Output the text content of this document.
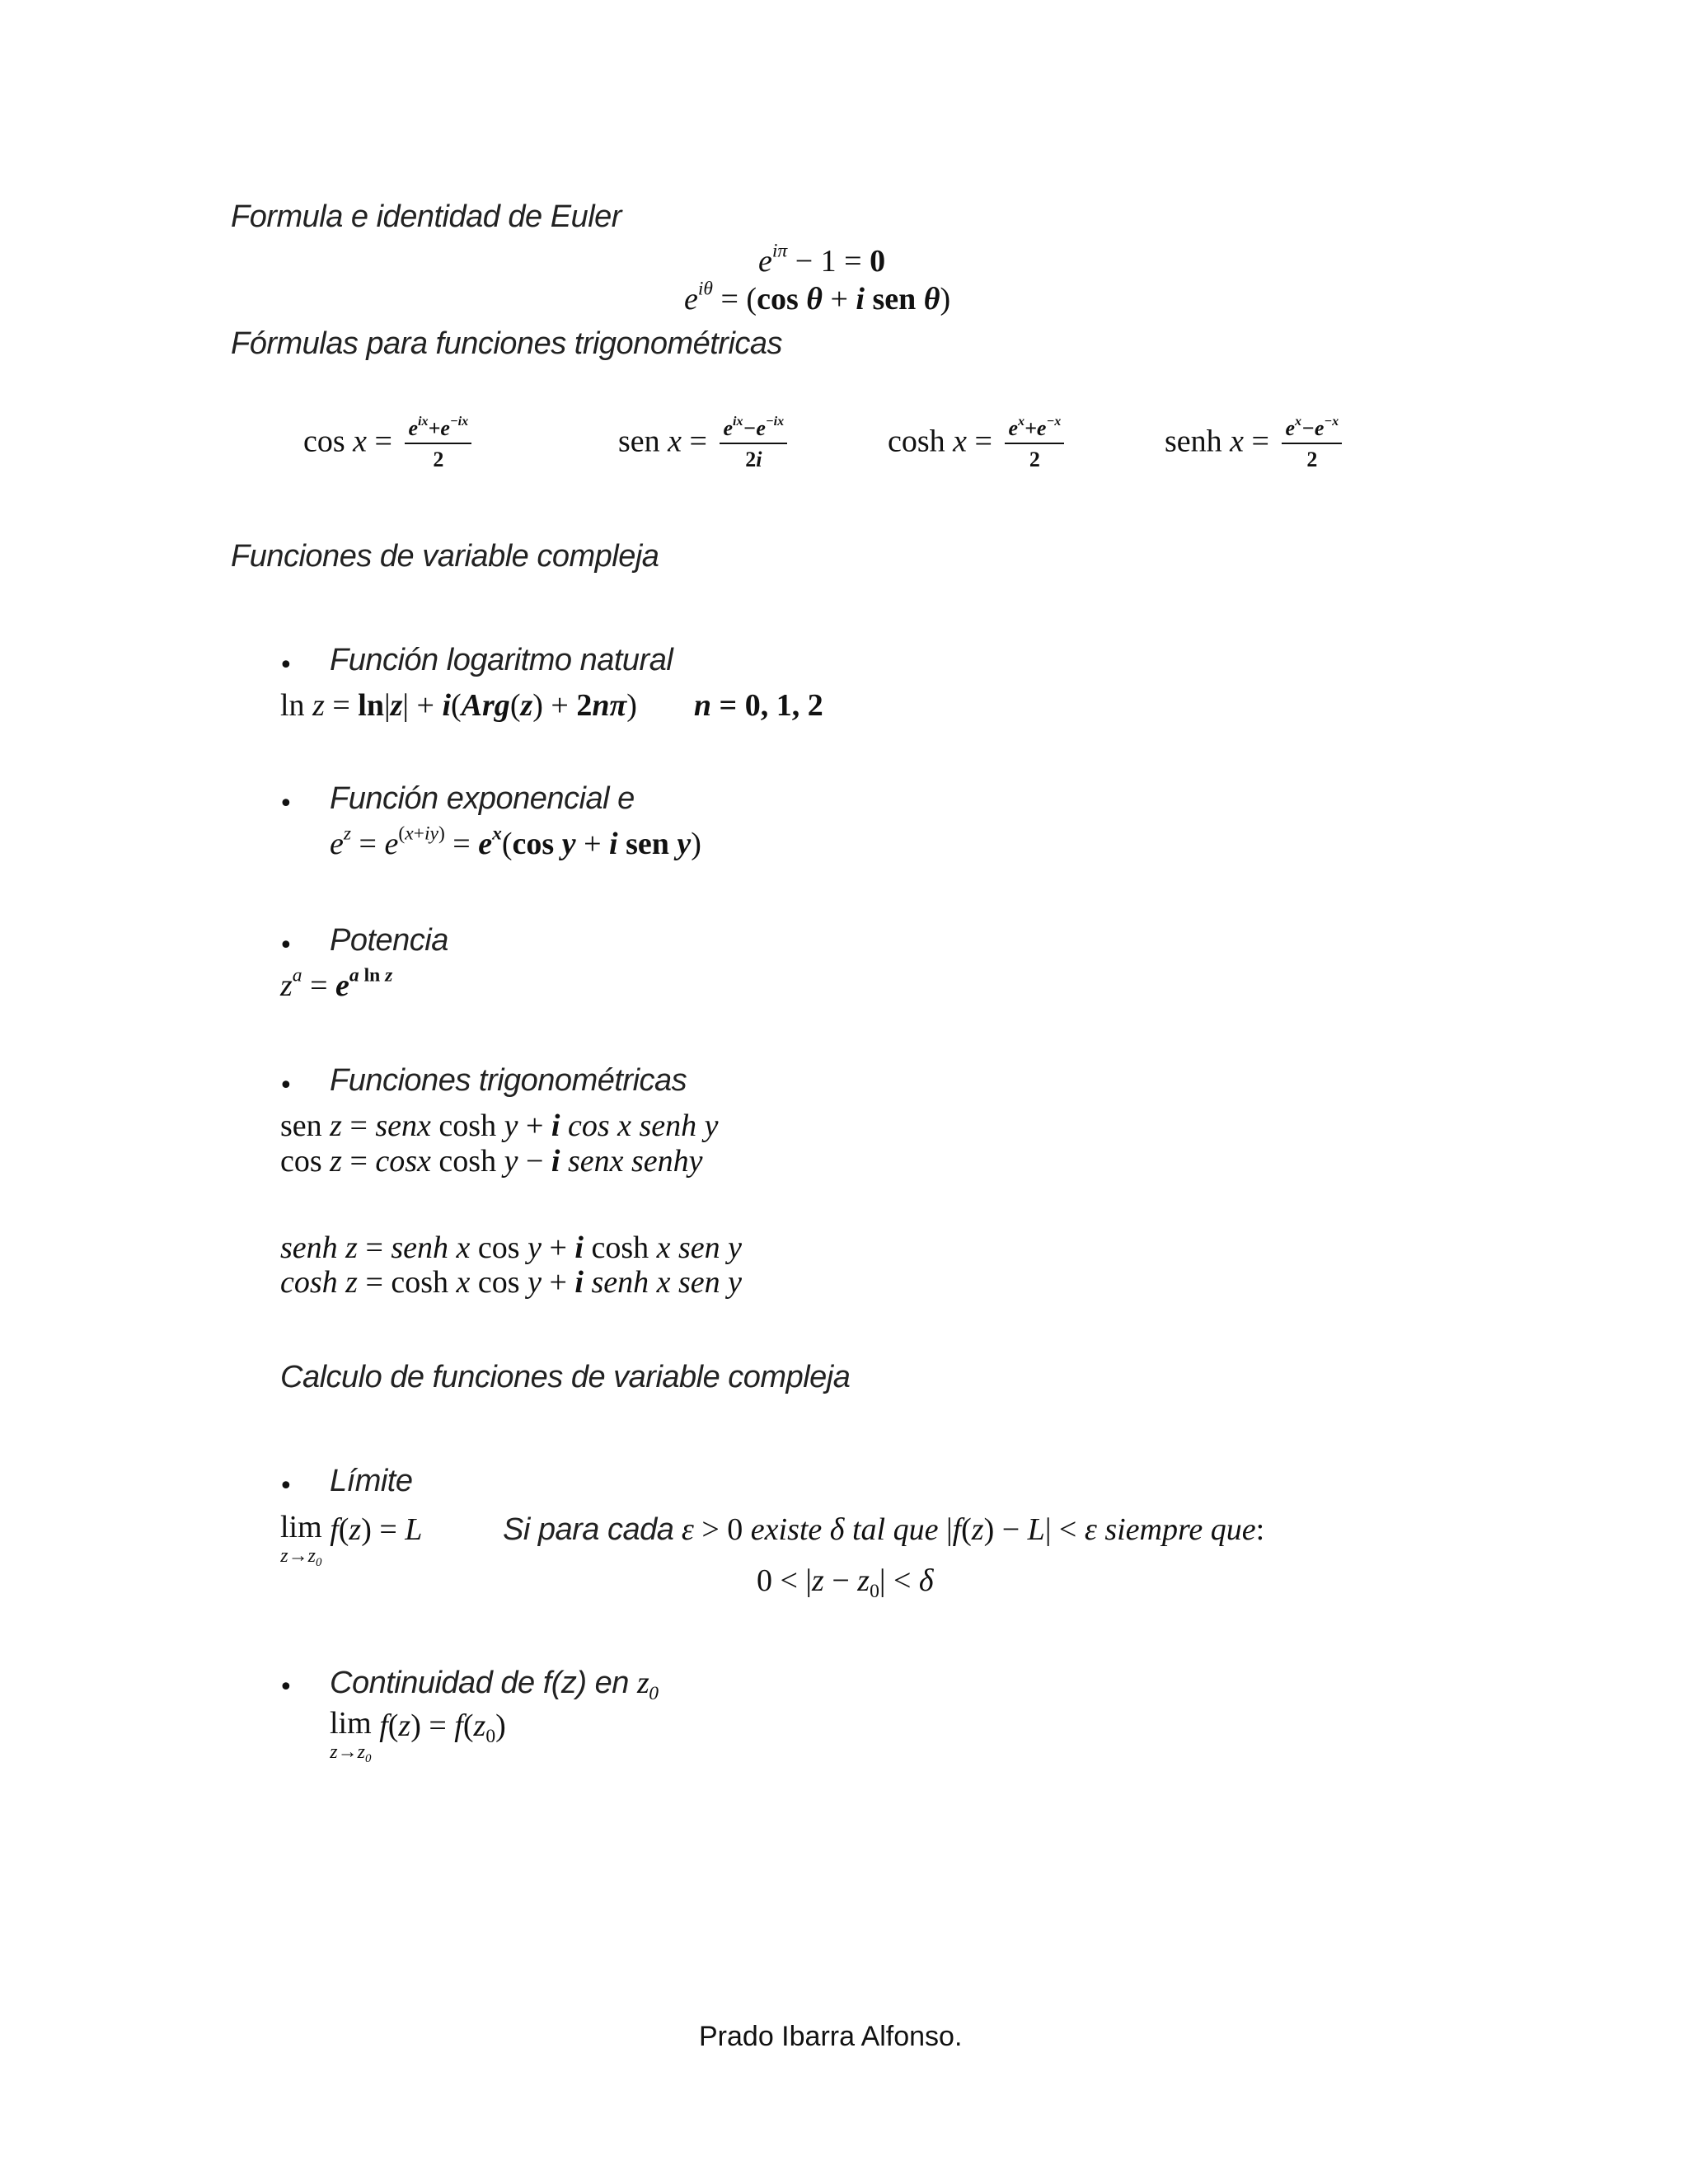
Formula e identidad de Euler
$e^{i\pi} - 1 = 0$
$e^{i\theta} = (\cos$ θ + i sen θ)
Fórmulas para funciones trigonométricas
$\cos x = \frac{e^{ix}+e^{-ix}}{2}$	sen $x = \frac{e^{ix}-e^{-ix}}{2i}$	$\cosh x = \frac{e^x+e^{-x}}{2}$	senh $x = \frac{e^x-e^{-x}}{2}$
Funciones de variable compleja
• Función logaritmo natural
ln z = ln|z| + i(Arg(z) + 2nπ)  n = 0, 1, 2
• Función exponencial e
$e^z = e^{(x+iy)} = e^x(\cos$ y + i sen y)
• Potencia
$z^a = e^{a ln z}$
• Funciones trigonométricas
sen z = senx cosh y + i cos x senh y
cos z = cosx cosh y − i senx senhy
senh z = senh x cos y + i cosh x sen y
cosh z = cosh x cos y + i senh x sen y
Calculo de funciones de variable compleja
• Límite
lim
$z\to z_0$
f(z) = L	Si para cada ε > 0 existe δ tal que |f(z) − L| < ε siempre que:
$0 < |z - z_0| < \delta$
• Continuidad de f(z) en $z_0$
lim
$z\to z_0$
$f(z) = f(z_0)$
Prado Ibarra Alfonso.
